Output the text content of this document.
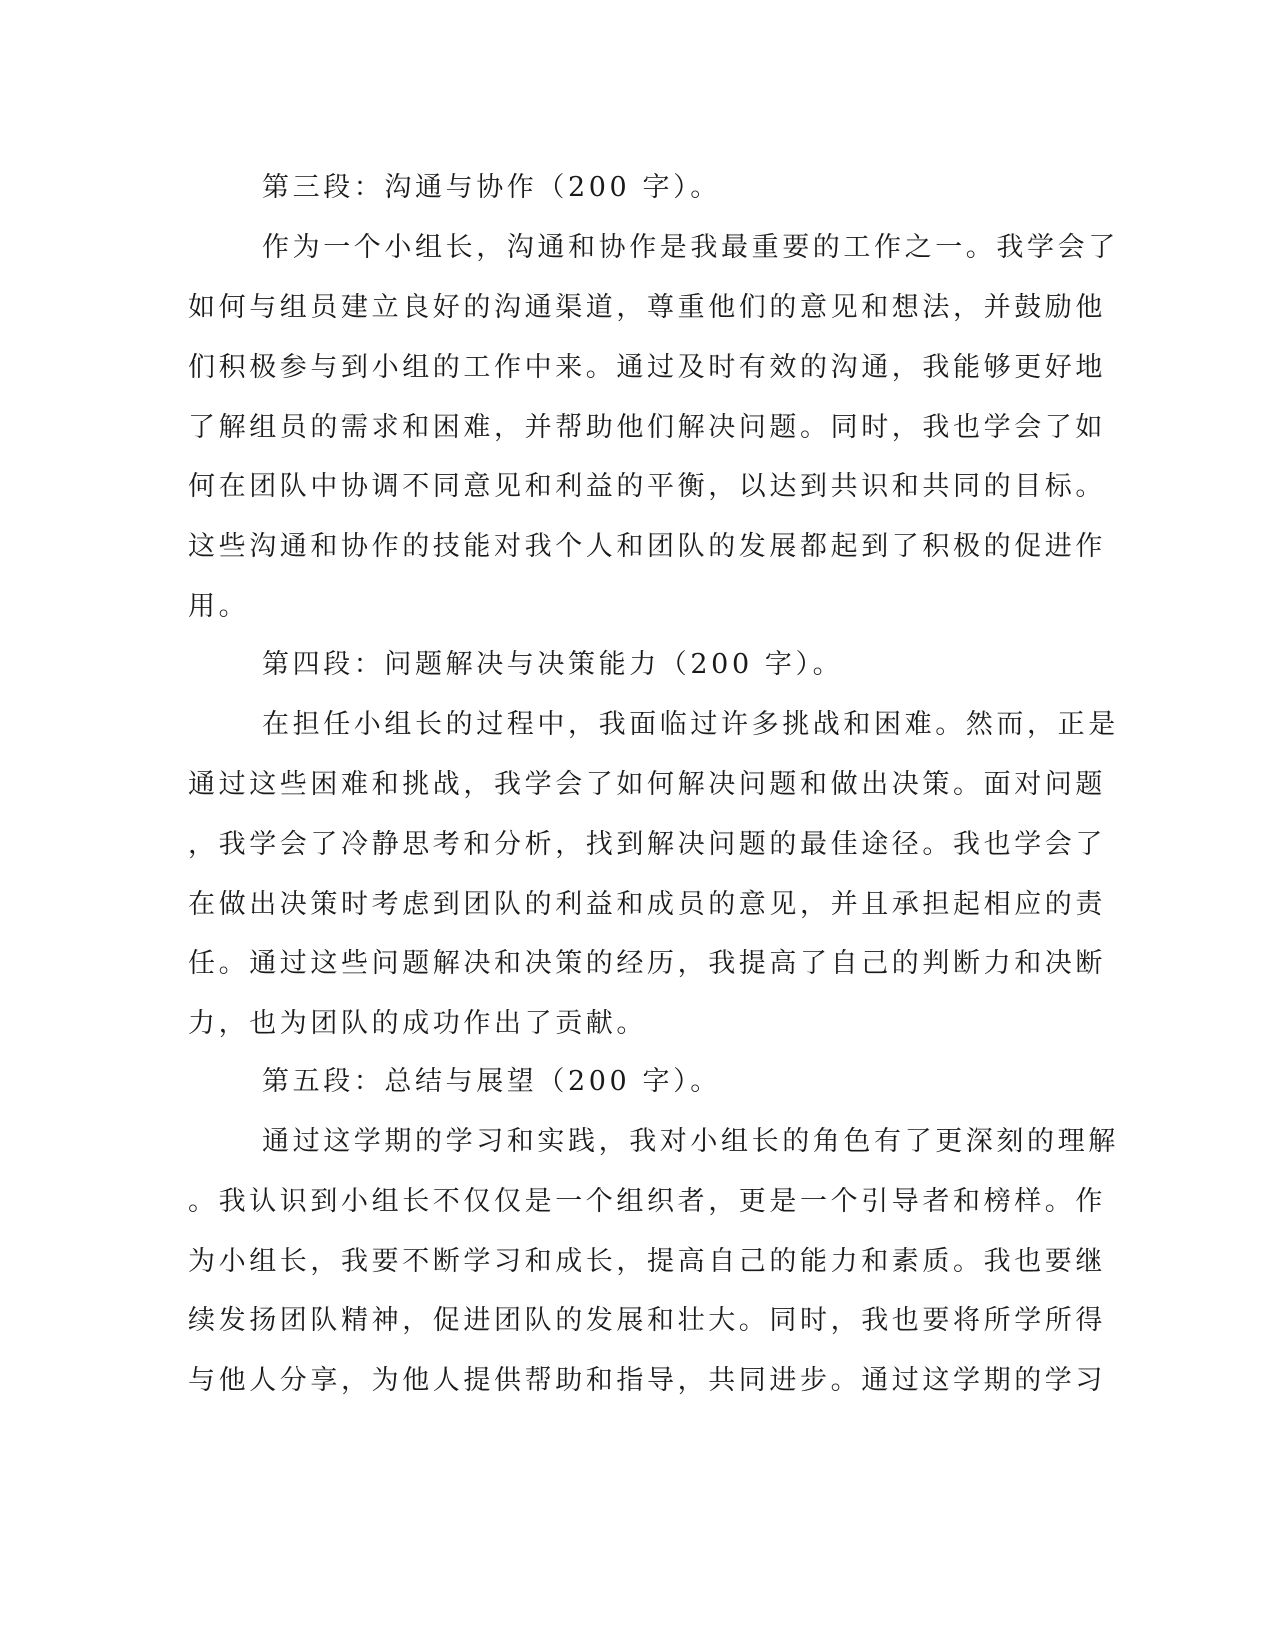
第三段：沟通与协作（200 字）。

作为一个小组长，沟通和协作是我最重要的工作之一。我学会了

如何与组员建立良好的沟通渠道，尊重他们的意见和想法，并鼓励他

们积极参与到小组的工作中来。通过及时有效的沟通，我能够更好地

了解组员的需求和困难，并帮助他们解决问题。同时，我也学会了如

何在团队中协调不同意见和利益的平衡，以达到共识和共同的目标。

这些沟通和协作的技能对我个人和团队的发展都起到了积极的促进作

用。

第四段：问题解决与决策能力（200 字）。

在担任小组长的过程中，我面临过许多挑战和困难。然而，正是

通过这些困难和挑战，我学会了如何解决问题和做出决策。面对问题

，我学会了冷静思考和分析，找到解决问题的最佳途径。我也学会了

在做出决策时考虑到团队的利益和成员的意见，并且承担起相应的责

任。通过这些问题解决和决策的经历，我提高了自己的判断力和决断

力，也为团队的成功作出了贡献。

第五段：总结与展望（200 字）。

通过这学期的学习和实践，我对小组长的角色有了更深刻的理解

。我认识到小组长不仅仅是一个组织者，更是一个引导者和榜样。作

为小组长，我要不断学习和成长，提高自己的能力和素质。我也要继

续发扬团队精神，促进团队的发展和壮大。同时，我也要将所学所得

与他人分享，为他人提供帮助和指导，共同进步。通过这学期的学习
